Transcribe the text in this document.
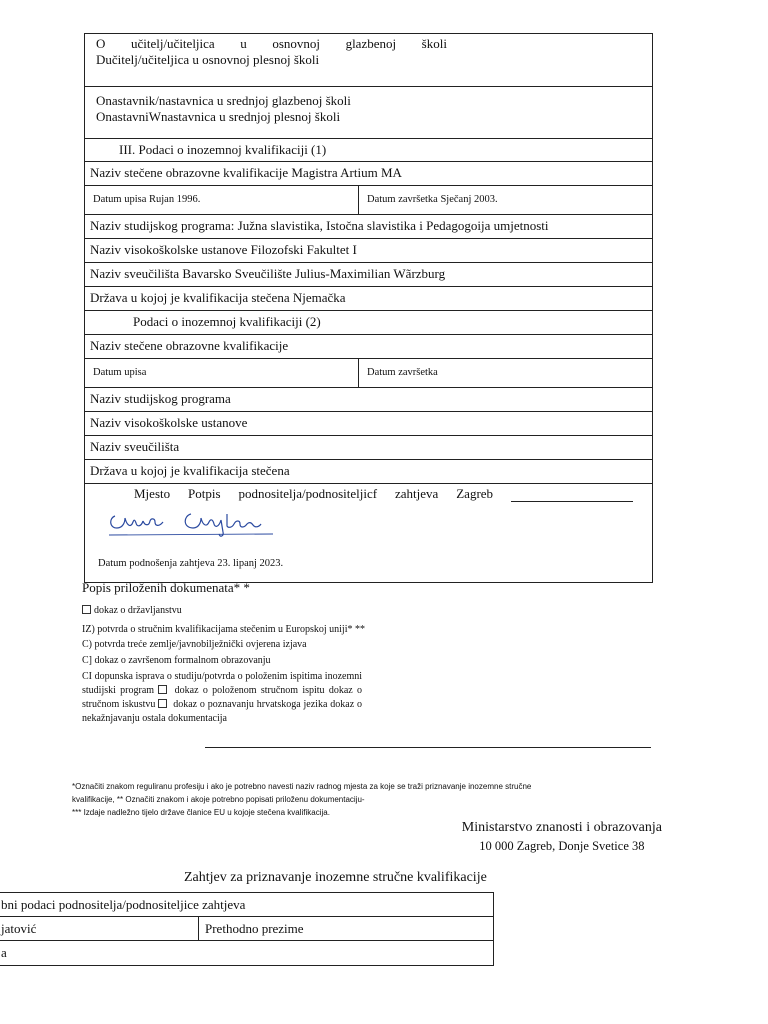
O učitelj/učiteljica u osnovnoj glazbenoj školi
Dučitelj/učiteljica u osnovnoj plesnoj školi
Onastavnik/nastavnica u srednjoj glazbenoj školi
OnastavniWnastavnica u srednjoj plesnoj školi
III. Podaci o inozemnoj kvalifikaciji (1)
Naziv stečene obrazovne kvalifikacije Magistra Artium MA
Datum upisa Rujan 1996.	Datum završetka Sječanj 2003.
Naziv studijskog programa: Južna slavistika, Istočna slavistika i Pedagogoija umjetnosti
Naziv visokoškolske ustanove Filozofski Fakultet I
Naziv sveučilišta Bavarsko Sveučilište Julius-Maximilian Wãrzburg
Država u kojoj je kvalifikacija stečena Njemačka
Podaci o inozemnoj kvalifikaciji (2)
Naziv stečene obrazovne kvalifikacije
Datum upisa	Datum završetka
Naziv studijskog programa
Naziv visokoškolske ustanove
Naziv sveučilišta
Država u kojoj je kvalifikacija stečena
Mjesto Potpis podnositelja/podnositeljicf zahtjeva Zagreb
Datum podnošenja zahtjeva 23. lipanj 2023.
Popis priloženih dokumenata* *
dokaz o državljanstvu
IZ) potvrda o stručnim kvalifikacijama stečenim u Europskoj uniji* **
C) potvrda treće zemlje/javnobilježnički ovjerena izjava
C] dokaz o završenom formalnom obrazovanju
CI dopunska isprava o studiju/potvrda o položenim ispitima inozemni studijski program dokaz o položenom stručnom ispitu dokaz o stručnom iskustvu dokaz o poznavanju hrvatskoga jezika dokaz o nekažnjavanju ostala dokumentacija
*Označiti znakom reguliranu profesiju i ako je potrebno navesti naziv radnog mjesta za koje se traži priznavanje inozemne stručne
kvalifikacije, ** Označiti znakom i akoje potrebno popisati priloženu dokumentaciju-
*** Izdaje nadležno tijelo države članice EU u kojoje stečena kvalifikacija.
Ministarstvo znanosti i obrazovanja
10 000 Zagreb, Donje Svetice 38
Zahtjev za priznavanje inozemne stručne kvalifikacije
bni podaci podnositelja/podnositeljice zahtjeva
jatović	Prethodno prezime
a
